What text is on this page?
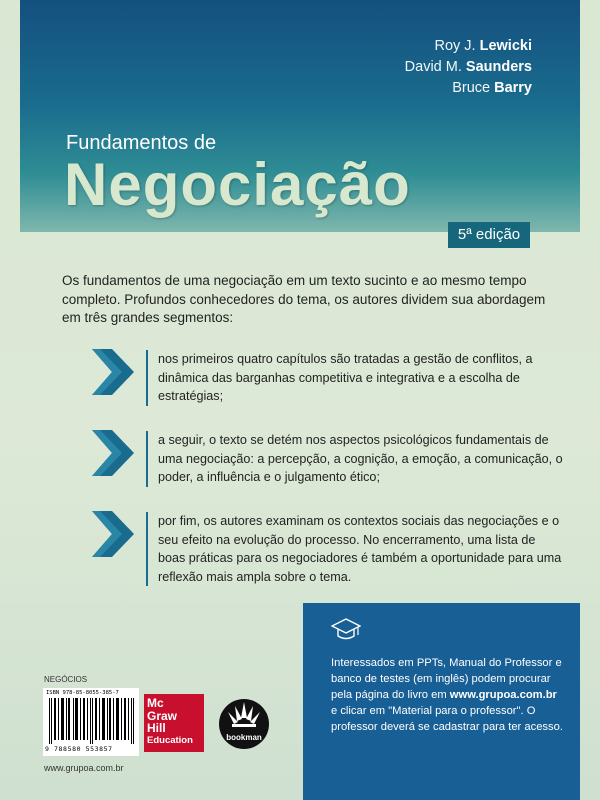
Roy J. Lewicki
David M. Saunders
Bruce Barry
Fundamentos de
Negociação
5ª edição
Os fundamentos de uma negociação em um texto sucinto e ao mesmo tempo completo. Profundos conhecedores do tema, os autores dividem sua abordagem em três grandes segmentos:
nos primeiros quatro capítulos são tratadas a gestão de conflitos, a dinâmica das barganhas competitiva e integrativa e a escolha de estratégias;
a seguir, o texto se detém nos aspectos psicológicos fundamentais de uma negociação: a percepção, a cognição, a emoção, a comunicação, o poder, a influência e o julgamento ético;
por fim, os autores examinam os contextos sociais das negociações e o seu efeito na evolução do processo. No encerramento, uma lista de boas práticas para os negociadores é também a oportunidade para uma reflexão mais ampla sobre o tema.
Interessados em PPTs, Manual do Professor e banco de testes (em inglês) podem procurar pela página do livro em www.grupoa.com.br e clicar em "Material para o professor". O professor deverá se cadastrar para ter acesso.
NEGÓCIOS
ISBN 978-85-8055-385-7
9 788580 553857
Mc
Graw
Hill
Education	bookman
www.grupoa.com.br
